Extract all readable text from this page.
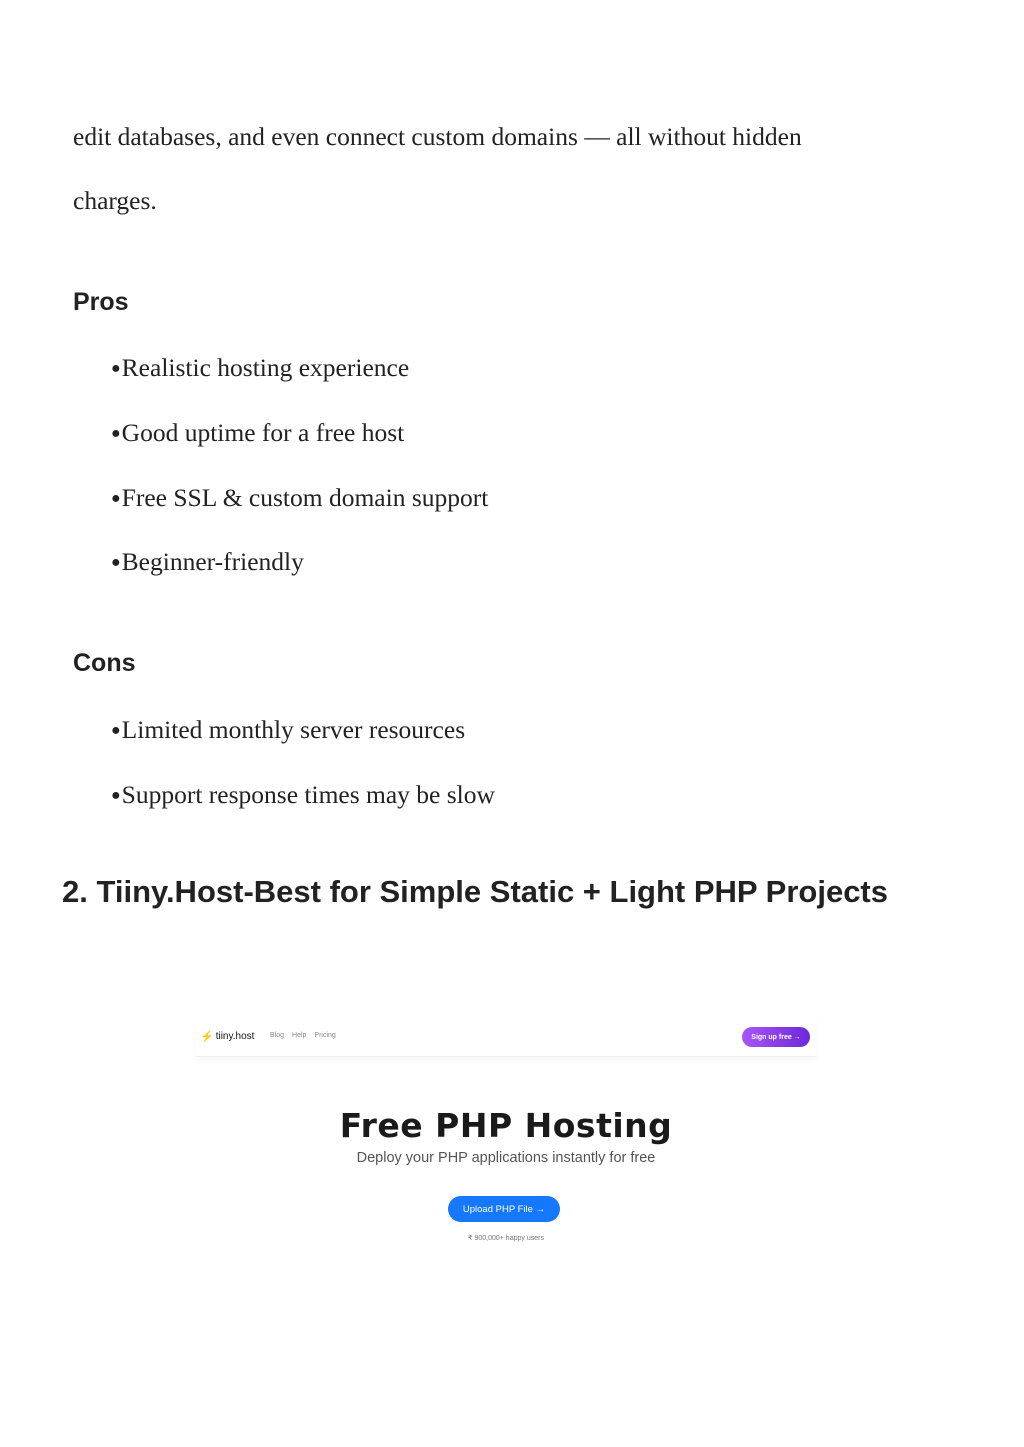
edit databases, and even connect custom domains — all without hidden
charges.
Pros
●Realistic hosting experience
●Good uptime for a free host
●Free SSL & custom domain support
●Beginner-friendly
Cons
●Limited monthly server resources
●Support response times may be slow
2. Tiiny.Host-Best for Simple Static + Light PHP Projects
⚡ tiiny.host Blog Help Pricing	Sign up free →
Free PHP Hosting
Deploy your PHP applications instantly for free
Upload PHP File →
₹ 900,000+ happy users
